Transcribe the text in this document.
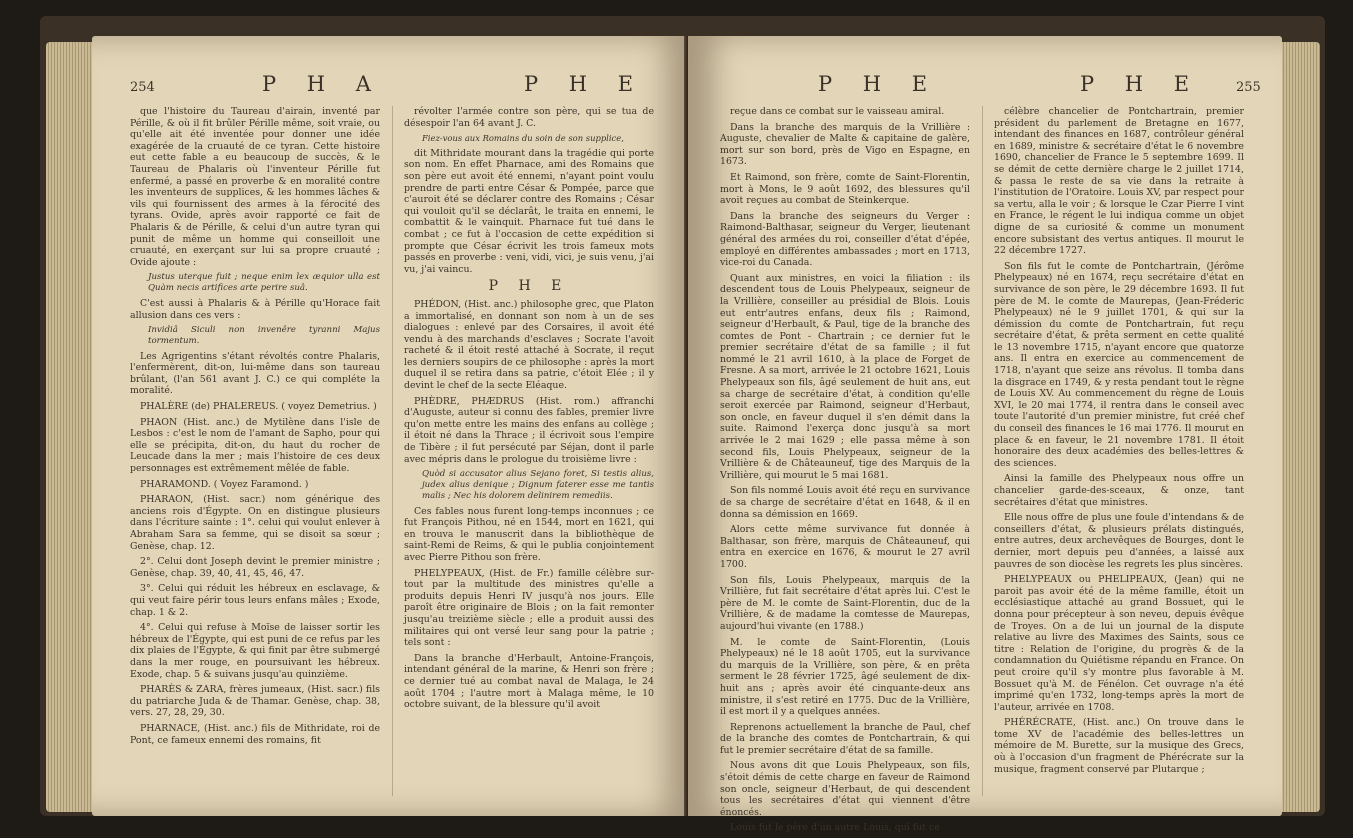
254	P H A	P H E

que l'histoire du Taureau d'airain, inventé par Pérille, & où il fit brûler Pérille même, soit vraie, ou qu'elle ait été inventée pour donner une idée exagérée de la cruauté de ce tyran. Cette histoire eut cette fable a eu beaucoup de succès, & le Taureau de Phalaris où l'inventeur Pérille fut enfermé, a passé en proverbe & en moralité contre les inventeurs de supplices, & les hommes lâches & vils qui fournissent des armes à la férocité des tyrans. Ovide, après avoir rapporté ce fait de Phalaris & de Pérille, & celui d'un autre tyran qui punit de même un homme qui conseilloit une cruauté, en exerçant sur lui sa propre cruauté ; Ovide ajoute :

Justus uterque fuit ; neque enim lex æquior ulla est Quàm necis artifices arte perire suâ.

C'est aussi à Phalaris & à Pérille qu'Horace fait allusion dans ces vers :

Invidiâ Siculi non invenêre tyranni Majus tormentum.

Les Agrigentins s'étant révoltés contre Phalaris, l'enfermèrent, dit-on, lui-même dans son taureau brûlant, (l'an 561 avant J. C.) ce qui compléte la moralité.

PHALÈRE (de) PHALEREUS. ( voyez Demetrius. )

PHAON (Hist. anc.) de Mytilène dans l'isle de Lesbos : c'est le nom de l'amant de Sapho, pour qui elle se précipita, dit-on, du haut du rocher de Leucade dans la mer ; mais l'histoire de ces deux personnages est extrêmement mêlée de fable.

PHARAMOND. ( Voyez Faramond. )

PHARAON, (Hist. sacr.) nom générique des anciens rois d'Égypte. On en distingue plusieurs dans l'écriture sainte : 1°. celui qui voulut enlever à Abraham Sara sa femme, qui se disoit sa sœur ; Genèse, chap. 12.

2°. Celui dont Joseph devint le premier ministre ; Genèse, chap. 39, 40, 41, 45, 46, 47.

3°. Celui qui réduit les hébreux en esclavage, & qui veut faire périr tous leurs enfans mâles ; Exode, chap. 1 & 2.

4°. Celui qui refuse à Moïse de laisser sortir les hébreux de l'Égypte, qui est puni de ce refus par les dix plaies de l'Égypte, & qui finit par être submergé dans la mer rouge, en poursuivant les hébreux. Exode, chap. 5 & suivans jusqu'au quinzième.

PHARÈS & ZARA, frères jumeaux, (Hist. sacr.) fils du patriarche Juda & de Thamar. Genèse, chap. 38, vers. 27, 28, 29, 30.

PHARNACE, (Hist. anc.) fils de Mithridate, roi de Pont, ce fameux ennemi des romains, fit

révolter l'armée contre son père, qui se tua de désespoir l'an 64 avant J. C.

Fiez-vous aux Romains du soin de son supplice,

dit Mithridate mourant dans la tragédie qui porte son nom. En effet Pharnace, ami des Romains que son père eut avoit été ennemi, n'ayant point voulu prendre de parti entre César & Pompée, parce que c'auroit été se déclarer contre des Romains ; César qui vouloit qu'il se déclarât, le traita en ennemi, le combattit & le vainquit. Pharnace fut tué dans le combat ; ce fut à l'occasion de cette expédition si prompte que César écrivit les trois fameux mots passés en proverbe : veni, vidi, vici, je suis venu, j'ai vu, j'ai vaincu.

P H E

PHÉDON, (Hist. anc.) philosophe grec, que Platon a immortalisé, en donnant son nom à un de ses dialogues : enlevé par des Corsaires, il avoit été vendu à des marchands d'esclaves ; Socrate l'avoit racheté & il étoit resté attaché à Socrate, il reçut les derniers soupirs de ce philosophe : après la mort duquel il se retira dans sa patrie, c'étoit Elée ; il y devint le chef de la secte Eléaque.

PHÈDRE, PHÆDRUS (Hist. rom.) affranchi d'Auguste, auteur si connu des fables, premier livre qu'on mette entre les mains des enfans au collège ; il étoit né dans la Thrace ; il écrivoit sous l'empire de Tibère ; il fut persécuté par Séjan, dont il parle avec mépris dans le prologue du troisième livre :

Quòd si accusator alius Sejano foret, Si testis alius, judex alius denique ; Dignum faterer esse me tantis malis ; Nec his dolorem delinirem remediis.

Ces fables nous furent long-temps inconnues ; ce fut François Pithou, né en 1544, mort en 1621, qui en trouva le manuscrit dans la bibliothèque de saint-Remi de Reims, & qui le publia conjointement avec Pierre Pithou son frère.

PHELYPEAUX, (Hist. de Fr.) famille célèbre sur-tout par la multitude des ministres qu'elle a produits depuis Henri IV jusqu'à nos jours. Elle paroît être originaire de Blois ; on la fait remonter jusqu'au treizième siècle ; elle a produit aussi des militaires qui ont versé leur sang pour la patrie ; tels sont :

Dans la branche d'Herbault, Antoine-François, intendant général de la marine, & Henri son frère ; ce dernier tué au combat naval de Malaga, le 24 août 1704 ; l'autre mort à Malaga même, le 10 octobre suivant, de la blessure qu'il avoit

P H E	P H E	255

reçue dans ce combat sur le vaisseau amiral.

Dans la branche des marquis de la Vrillière : Auguste, chevalier de Malte & capitaine de galère, mort sur son bord, près de Vigo en Espagne, en 1673.

Et Raimond, son frère, comte de Saint-Florentin, mort à Mons, le 9 août 1692, des blessures qu'il avoit reçues au combat de Steinkerque.

Dans la branche des seigneurs du Verger : Raimond-Balthasar, seigneur du Verger, lieutenant général des armées du roi, conseiller d'état d'épée, employé en différentes ambassades ; mort en 1713, vice-roi du Canada.

Quant aux ministres, en voici la filiation : ils descendent tous de Louis Phelypeaux, seigneur de la Vrillière, conseiller au présidial de Blois. Louis eut entr'autres enfans, deux fils ; Raimond, seigneur d'Herbault, & Paul, tige de la branche des comtes de Pont - Chartrain ; ce dernier fut le premier secrétaire d'état de sa famille ; il fut nommé le 21 avril 1610, à la place de Forget de Fresne. A sa mort, arrivée le 21 octobre 1621, Louis Phelypeaux son fils, âgé seulement de huit ans, eut sa charge de secrétaire d'état, à condition qu'elle seroit exercée par Raimond, seigneur d'Herbaut, son oncle, en faveur duquel il s'en démit dans la suite. Raimond l'exerça donc jusqu'à sa mort arrivée le 2 mai 1629 ; elle passa même à son second fils, Louis Phelypeaux, seigneur de la Vrillière & de Châteauneuf, tige des Marquis de la Vrillière, qui mourut le 5 mai 1681.

Son fils nommé Louis avoit été reçu en survivance de sa charge de secrétaire d'état en 1648, & il en donna sa démission en 1669.

Alors cette même survivance fut donnée à Balthasar, son frère, marquis de Châteauneuf, qui entra en exercice en 1676, & mourut le 27 avril 1700.

Son fils, Louis Phelypeaux, marquis de la Vrillière, fut fait secrétaire d'état après lui. C'est le père de M. le comte de Saint-Florentin, duc de la Vrillière, & de madame la comtesse de Maurepas, aujourd'hui vivante (en 1788.)

M. le comte de Saint-Florentin, (Louis Phelypeaux) né le 18 août 1705, eut la survivance du marquis de la Vrillière, son père, & en prêta serment le 28 février 1725, âgé seulement de dix-huit ans ; après avoir été cinquante-deux ans ministre, il s'est retiré en 1775. Duc de la Vrillière, il est mort il y a quelques années.

Reprenons actuellement la branche de Paul, chef de la branche des comtes de Pontchartrain, & qui fut le premier secrétaire d'état de sa famille.

Nous avons dit que Louis Phelypeaux, son fils, s'étoit démis de cette charge en faveur de Raimond son oncle, seigneur d'Herbaut, de qui descendent tous les secrétaires d'état qui viennent d'être énoncés.

Louis fut le père d'un autre Louis, qui fut ce

célèbre chancelier de Pontchartrain, premier président du parlement de Bretagne en 1677, intendant des finances en 1687, contrôleur général en 1689, ministre & secrétaire d'état le 6 novembre 1690, chancelier de France le 5 septembre 1699. Il se démit de cette dernière charge le 2 juillet 1714, & passa le reste de sa vie dans la retraite à l'institution de l'Oratoire. Louis XV, par respect pour sa vertu, alla le voir ; & lorsque le Czar Pierre I vint en France, le régent le lui indiqua comme un objet digne de sa curiosité & comme un monument encore subsistant des vertus antiques. Il mourut le 22 décembre 1727.

Son fils fut le comte de Pontchartrain, (Jérôme Phelypeaux) né en 1674, reçu secrétaire d'état en survivance de son père, le 29 décembre 1693. Il fut père de M. le comte de Maurepas, (Jean-Fréderic Phelypeaux) né le 9 juillet 1701, & qui sur la démission du comte de Pontchartrain, fut reçu secrétaire d'état, & prêta serment en cette qualité le 13 novembre 1715, n'ayant encore que quatorze ans. Il entra en exercice au commencement de 1718, n'ayant que seize ans révolus. Il tomba dans la disgrace en 1749, & y resta pendant tout le règne de Louis XV. Au commencement du règne de Louis XVI, le 20 mai 1774, il rentra dans le conseil avec toute l'autorité d'un premier ministre, fut créé chef du conseil des finances le 16 mai 1776. Il mourut en place & en faveur, le 21 novembre 1781. Il étoit honoraire des deux académies des belles-lettres & des sciences.

Ainsi la famille des Phelypeaux nous offre un chancelier garde-des-sceaux, & onze, tant secrétaires d'état que ministres.

Elle nous offre de plus une foule d'intendans & de conseillers d'état, & plusieurs prélats distingués, entre autres, deux archevêques de Bourges, dont le dernier, mort depuis peu d'années, a laissé aux pauvres de son diocèse les regrets les plus sincères.

PHELYPEAUX ou PHELIPEAUX, (Jean) qui ne paroit pas avoir été de la même famille, étoit un ecclésiastique attaché au grand Bossuet, qui le donna pour précepteur à son neveu, depuis évêque de Troyes. On a de lui un journal de la dispute relative au livre des Maximes des Saints, sous ce titre : Relation de l'origine, du progrès & de la condamnation du Quiétisme répandu en France. On peut croire qu'il s'y montre plus favorable à M. Bossuet qu'à M. de Fénélon. Cet ouvrage n'a été imprimé qu'en 1732, long-temps après la mort de l'auteur, arrivée en 1708.

PHÉRÉCRATE, (Hist. anc.) On trouve dans le tome XV de l'académie des belles-lettres un mémoire de M. Burette, sur la musique des Grecs, où à l'occasion d'un fragment de Phérécrate sur la musique, fragment conservé par Plutarque ;
